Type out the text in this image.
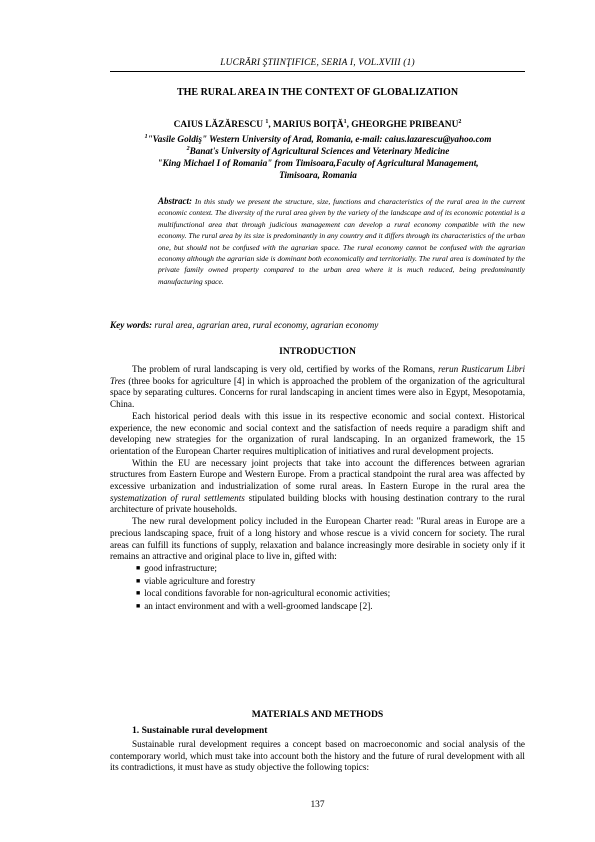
LUCRĂRI ŞTIINŢIFICE, SERIA I, VOL.XVIII (1)
THE RURAL AREA IN THE CONTEXT OF GLOBALIZATION
CAIUS LĂZĂRESCU $^1$, MARIUS BOIŢĂ$^1$, GHEORGHE PRIBEANU$^2$
$^1$"Vasile Goldiş" Western University of Arad, Romania, e-mail: caius.lazarescu@yahoo.com
$^2$Banat's University of Agricultural Sciences and Veterinary Medicine
"King Michael I of Romania" from Timisoara,Faculty of Agricultural Management,
Timisoara, Romania
Abstract: In this study we present the structure, size, functions and characteristics of the rural area in the current economic context. The diversity of the rural area given by the variety of the landscape and of its economic potential is a multifunctional area that through judicious management can develop a rural economy compatible with the new economy. The rural area by its size is predominantly in any country and it differs through its characteristics of the urban one, but should not be confused with the agrarian space. The rural economy cannot be confused with the agrarian economy although the agrarian side is dominant both economically and territorially. The rural area is dominated by the private family owned property compared to the urban area where it is much reduced, being predominantly manufacturing space.
Key words: rural area, agrarian area, rural economy, agrarian economy
INTRODUCTION

The problem of rural landscaping is very old, certified by works of the Romans, rerun Rusticarum Libri Tres (three books for agriculture [4] in which is approached the problem of the organization of the agricultural space by separating cultures. Concerns for rural landscaping in ancient times were also in Egypt, Mesopotamia, China.

Each historical period deals with this issue in its respective economic and social context. Historical experience, the new economic and social context and the satisfaction of needs require a paradigm shift and developing new strategies for the organization of rural landscaping. In an organized framework, the 15 orientation of the European Charter requires multiplication of initiatives and rural development projects.

Within the EU are necessary joint projects that take into account the differences between agrarian structures from Eastern Europe and Western Europe. From a practical standpoint the rural area was affected by excessive urbanization and industrialization of some rural areas. In Eastern Europe in the rural area the systematization of rural settlements stipulated building blocks with housing destination contrary to the rural architecture of private households.

The new rural development policy included in the European Charter read: "Rural areas in Europe are a precious landscaping space, fruit of a long history and whose rescue is a vivid concern for society. The rural areas can fulfill its functions of supply, relaxation and balance increasingly more desirable in society only if it remains an attractive and original place to live in, gifted with:

■ good infrastructure;
■ viable agriculture and forestry
■ local conditions favorable for non-agricultural economic activities;
■ an intact environment and with a well-groomed landscape [2].
MATERIALS AND METHODS
1. Sustainable rural development

Sustainable rural development requires a concept based on macroeconomic and social analysis of the contemporary world, which must take into account both the history and the future of rural development with all its contradictions, it must have as study objective the following topics:

137
